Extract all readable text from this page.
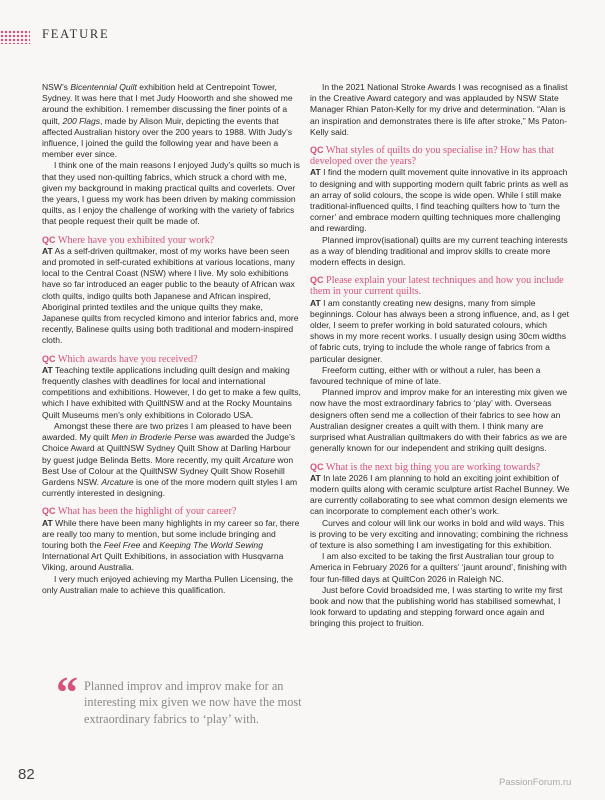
FEATURE

NSW’s Bicentennial Quilt exhibition held at Centrepoint Tower, Sydney. It was here that I met Judy Hooworth and she showed me around the exhibition. I remember discussing the finer points of a quilt, 200 Flags, made by Alison Muir, depicting the events that affected Australian history over the 200 years to 1988. With Judy’s influence, I joined the guild the following year and have been a member ever since.

I think one of the main reasons I enjoyed Judy’s quilts so much is that they used non-quilting fabrics, which struck a chord with me, given my background in making practical quilts and coverlets. Over the years, I guess my work has been driven by making commission quilts, as I enjoy the challenge of working with the variety of fabrics that people request their quilt be made of.

QC Where have you exhibited your work?

AT As a self-driven quiltmaker, most of my works have been seen and promoted in self-curated exhibitions at various locations, many local to the Central Coast (NSW) where I live. My solo exhibitions have so far introduced an eager public to the beauty of African wax cloth quilts, indigo quilts both Japanese and African inspired, Aboriginal printed textiles and the unique quilts they make, Japanese quilts from recycled kimono and interior fabrics and, more recently, Balinese quilts using both traditional and modern-inspired cloth.

QC Which awards have you received?

AT Teaching textile applications including quilt design and making frequently clashes with deadlines for local and international competitions and exhibitions. However, I do get to make a few quilts, which I have exhibited with QuiltNSW and at the Rocky Mountains Quilt Museums men’s only exhibitions in Colorado USA.

Amongst these there are two prizes I am pleased to have been awarded. My quilt Men in Broderie Perse was awarded the Judge’s Choice Award at QuiltNSW Sydney Quilt Show at Darling Harbour by guest judge Belinda Betts. More recently, my quilt Arcature won Best Use of Colour at the QuiltNSW Sydney Quilt Show Rosehill Gardens NSW. Arcature is one of the more modern quilt styles I am currently interested in designing.

QC What has been the highlight of your career?

AT While there have been many highlights in my career so far, there are really too many to mention, but some include bringing and touring both the Feel Free and Keeping The World Sewing International Art Quilt Exhibitions, in association with Husqvarna Viking, around Australia.

I very much enjoyed achieving my Martha Pullen Licensing, the only Australian male to achieve this qualification.

“ Planned improv and improv make for an interesting mix given we now have the most extraordinary fabrics to ‘play’ with.

In the 2021 National Stroke Awards I was recognised as a finalist in the Creative Award category and was applauded by NSW State Manager Rhian Paton-Kelly for my drive and determination. “Alan is an inspiration and demonstrates there is life after stroke,” Ms Paton-Kelly said.

QC What styles of quilts do you specialise in? How has that developed over the years?

AT I find the modern quilt movement quite innovative in its approach to designing and with supporting modern quilt fabric prints as well as an array of solid colours, the scope is wide open. While I still make traditional-influenced quilts, I find teaching quilters how to ‘turn the corner’ and embrace modern quilting techniques more challenging and rewarding.

Planned improv(isational) quilts are my current teaching interests as a way of blending traditional and improv skills to create more modern effects in design.

QC Please explain your latest techniques and how you include them in your current quilts.

AT I am constantly creating new designs, many from simple beginnings. Colour has always been a strong influence, and, as I get older, I seem to prefer working in bold saturated colours, which shows in my more recent works. I usually design using 30cm widths of fabric cuts, trying to include the whole range of fabrics from a particular designer.

Freeform cutting, either with or without a ruler, has been a favoured technique of mine of late.

Planned improv and improv make for an interesting mix given we now have the most extraordinary fabrics to ‘play’ with. Overseas designers often send me a collection of their fabrics to see how an Australian designer creates a quilt with them. I think many are surprised what Australian quiltmakers do with their fabrics as we are generally known for our independent and striking quilt designs.

QC What is the next big thing you are working towards?

AT In late 2026 I am planning to hold an exciting joint exhibition of modern quilts along with ceramic sculpture artist Rachel Bunney. We are currently collaborating to see what common design elements we can incorporate to complement each other’s work.

Curves and colour will link our works in bold and wild ways. This is proving to be very exciting and innovating; combining the richness of texture is also something I am investigating for this exhibition.

I am also excited to be taking the first Australian tour group to America in February 2026 for a quilters’ ‘jaunt around’, finishing with four fun-filled days at QuiltCon 2026 in Raleigh NC.

Just before Covid broadsided me, I was starting to write my first book and now that the publishing world has stabilised somewhat, I look forward to updating and stepping forward once again and bringing this project to fruition.

82	PassionForum.ru
